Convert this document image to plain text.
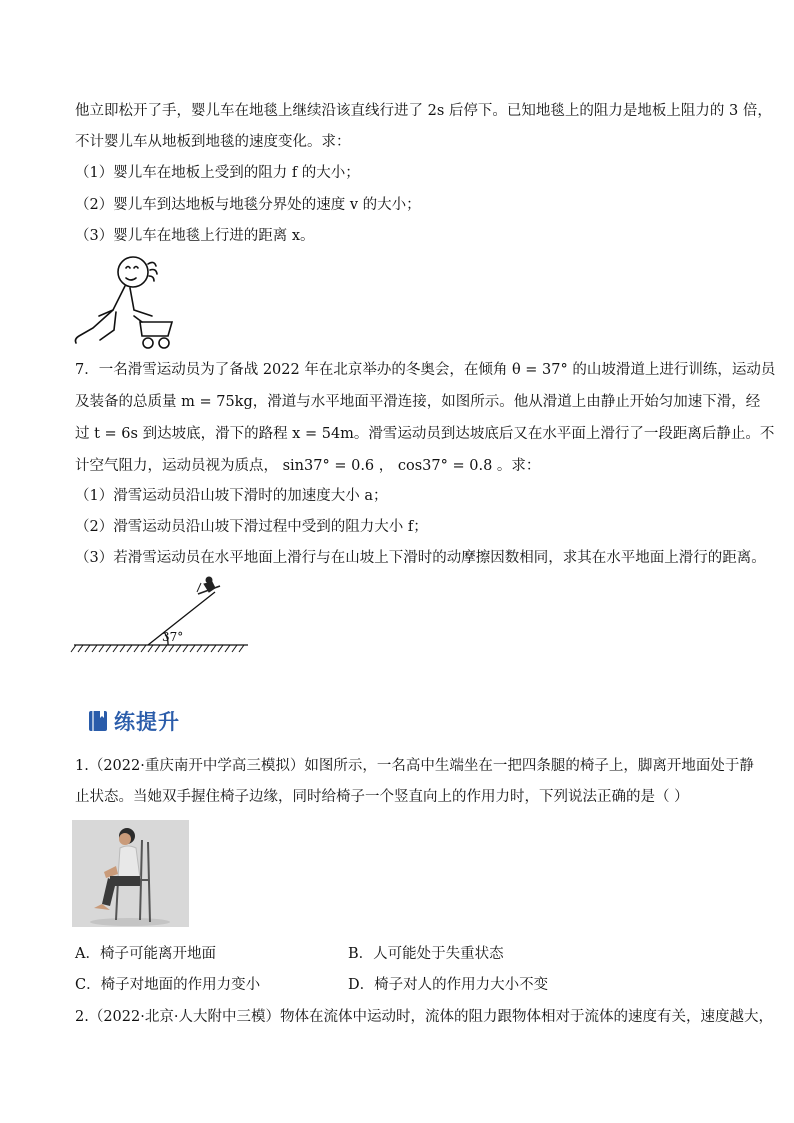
他立即松开了手，婴儿车在地毯上继续沿该直线行进了 2s 后停下。已知地毯上的阻力是地板上阻力的 3 倍，
不计婴儿车从地板到地毯的速度变化。求：
（1）婴儿车在地板上受到的阻力 f 的大小；
（2）婴儿车到达地板与地毯分界处的速度 v 的大小；
（3）婴儿车在地毯上行进的距离 x。
7．一名滑雪运动员为了备战 2022 年在北京举办的冬奥会，在倾角 θ = 37° 的山坡滑道上进行训练，运动员
及装备的总质量 m = 75kg，滑道与水平地面平滑连接，如图所示。他从滑道上由静止开始匀加速下滑，经
过 t = 6s 到达坡底，滑下的路程 x = 54m。滑雪运动员到达坡底后又在水平面上滑行了一段距离后静止。不
计空气阻力，运动员视为质点， sin37° = 0.6 ， cos37° = 0.8 。求：
（1）滑雪运动员沿山坡下滑时的加速度大小 a；
（2）滑雪运动员沿山坡下滑过程中受到的阻力大小 f；
（3）若滑雪运动员在水平地面上滑行与在山坡上下滑时的动摩擦因数相同，求其在水平地面上滑行的距离。
37°
练提升
1.（2022·重庆南开中学高三模拟）如图所示，一名高中生端坐在一把四条腿的椅子上，脚离开地面处于静
止状态。当她双手握住椅子边缘，同时给椅子一个竖直向上的作用力时，下列说法正确的是（ ）
A．椅子可能离开地面	B．人可能处于失重状态
C．椅子对地面的作用力变小	D．椅子对人的作用力大小不变
2.（2022·北京·人大附中三模）物体在流体中运动时，流体的阻力跟物体相对于流体的速度有关，速度越大，
